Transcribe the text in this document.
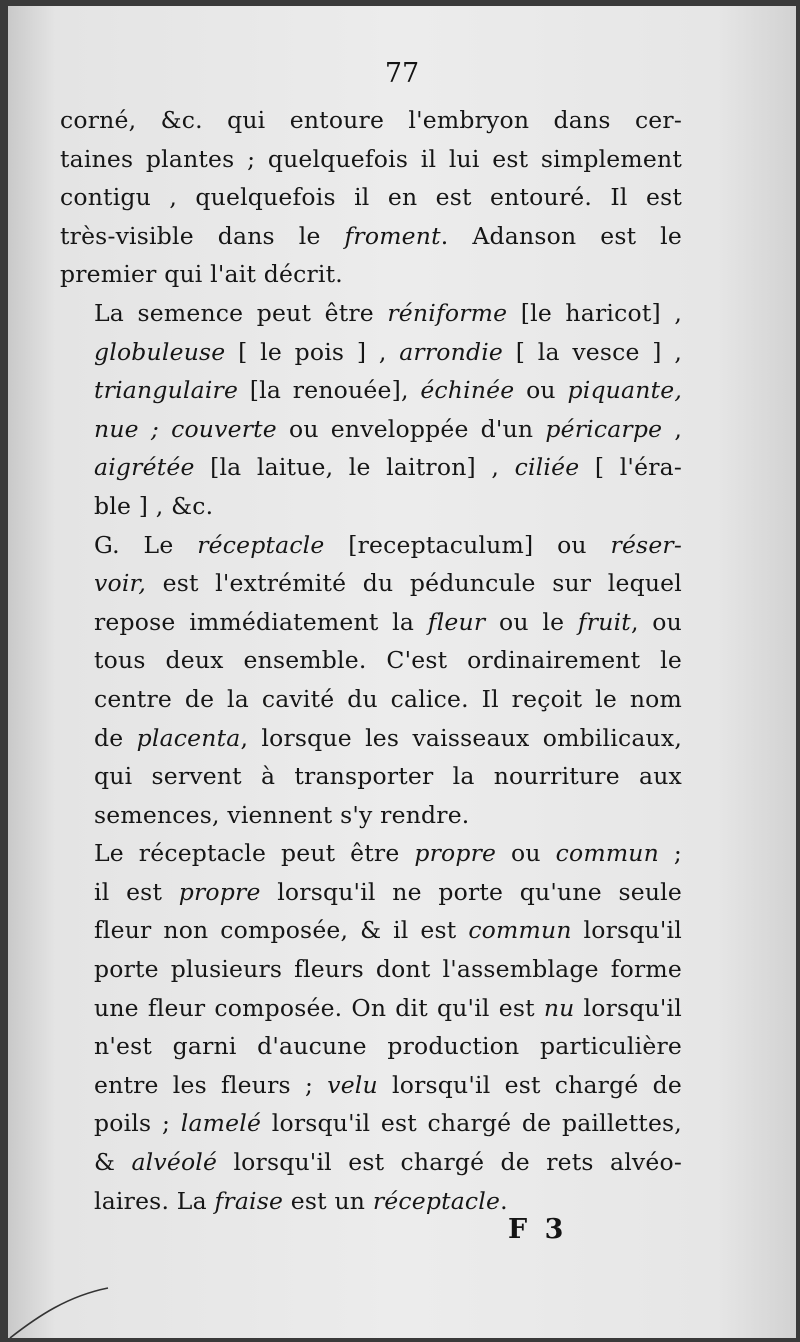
77

corné, &c. qui entoure l'embryon dans cer-
taines plantes ; quelquefois il lui est simplement
contigu , quelquefois il en est entouré. Il est
très-visible dans le froment. Adanson est le
premier qui l'ait décrit.

La semence peut être réniforme [le haricot] ,
globuleuse [ le pois ] , arrondie [ la vesce ] ,
triangulaire [la renouée], échinée ou piquante,
nue ; couverte ou enveloppée d'un péricarpe ,
aigrétée [la laitue, le laitron] , ciliée [ l'éra-
ble ] , &c.

G. Le réceptacle [receptaculum] ou réser-
voir, est l'extrémité du péduncule sur lequel
repose immédiatement la fleur ou le fruit, ou
tous deux ensemble. C'est ordinairement le
centre de la cavité du calice. Il reçoit le nom
de placenta, lorsque les vaisseaux ombilicaux,
qui servent à transporter la nourriture aux
semences, viennent s'y rendre.

Le réceptacle peut être propre ou commun ;
il est propre lorsqu'il ne porte qu'une seule
fleur non composée, & il est commun lorsqu'il
porte plusieurs fleurs dont l'assemblage forme
une fleur composée. On dit qu'il est nu lorsqu'il
n'est garni d'aucune production particulière
entre les fleurs ; velu lorsqu'il est chargé de
poils ; lamelé lorsqu'il est chargé de paillettes,
& alvéolé lorsqu'il est chargé de rets alvéo-
laires. La fraise est un réceptacle.

F 3
